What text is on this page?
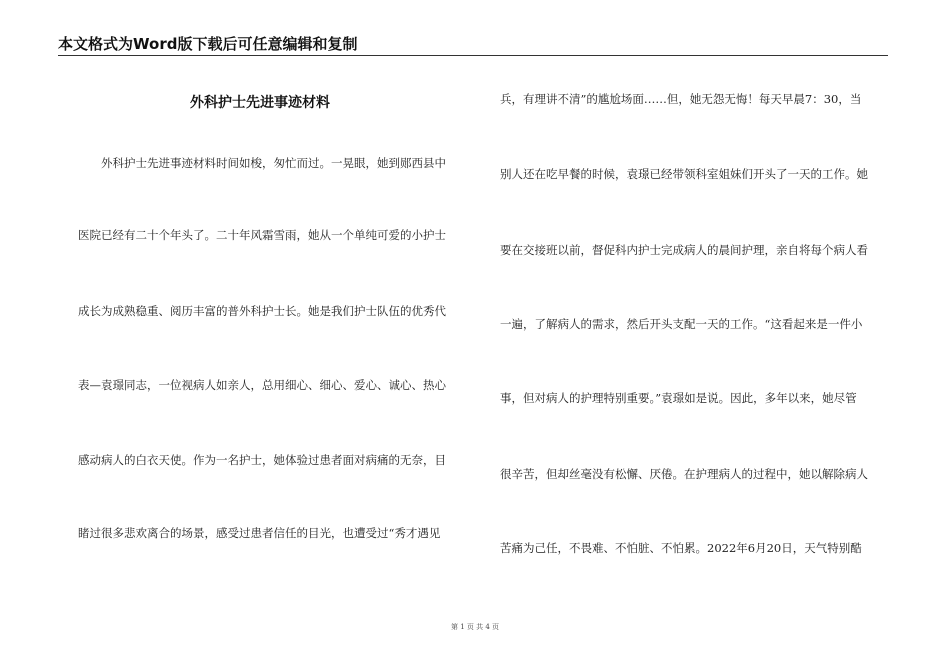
本文格式为Word版下载后可任意编辑和复制
外科护士先进事迹材料
　　外科护士先进事迹材料时间如梭，匆忙而过。一晃眼，她到郧西县中
医院已经有二十个年头了。二十年风霜雪雨，她从一个单纯可爱的小护士
成长为成熟稳重、阅历丰富的普外科护士长。她是我们护士队伍的优秀代
表—袁璟同志，一位视病人如亲人，总用细心、细心、爱心、诚心、热心
感动病人的白衣天使。作为一名护士，她体验过患者面对病痛的无奈，目
睹过很多悲欢离合的场景，感受过患者信任的目光，也遭受过“秀才遇见
兵，有理讲不清”的尴尬场面……但，她无怨无悔！每天早晨7：30，当
别人还在吃早餐的时候，袁璟已经带领科室姐妹们开头了一天的工作。她
要在交接班以前，督促科内护士完成病人的晨间护理，亲自将每个病人看
一遍，了解病人的需求，然后开头支配一天的工作。“这看起来是一件小
事，但对病人的护理特别重要。”袁璟如是说。因此，多年以来，她尽管
很辛苦，但却丝毫没有松懈、厌倦。在护理病人的过程中，她以解除病人
苦痛为己任，不畏难、不怕脏、不怕累。2022年6月20日，天气特别酷
第 1 页 共 4 页
